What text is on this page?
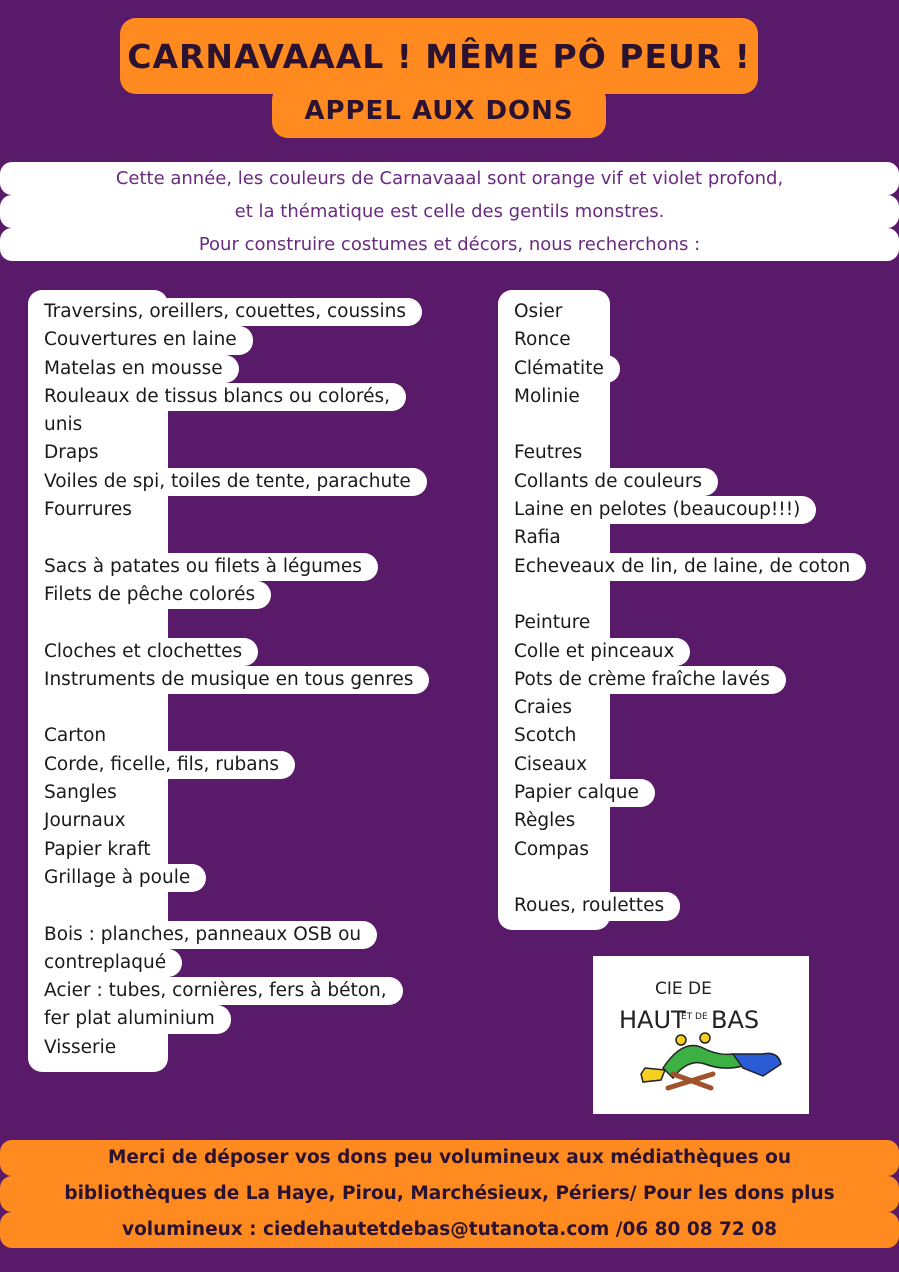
CARNAVAAAL ! MÊME PÔ PEUR !
APPEL AUX DONS
Cette année, les couleurs de Carnavaaal sont orange vif et violet profond,
et la thématique est celle des gentils monstres.
Pour construire costumes et décors, nous recherchons :
Traversins, oreillers, couettes, coussins
Couvertures en laine
Matelas en mousse
Rouleaux de tissus blancs ou colorés,
unis
Draps
Voiles de spi, toiles de tente, parachute
Fourrures
Sacs à patates ou filets à légumes
Filets de pêche colorés
Cloches et clochettes
Instruments de musique en tous genres
Carton
Corde, ficelle, fils, rubans
Sangles
Journaux
Papier kraft
Grillage à poule
Bois : planches, panneaux OSB ou
contreplaqué
Acier : tubes, cornières, fers à béton,
fer plat aluminium
Visserie
Osier
Ronce
Clématite
Molinie
Feutres
Collants de couleurs
Laine en pelotes (beaucoup!!!)
Rafia
Echeveaux de lin, de laine, de coton
Peinture
Colle et pinceaux
Pots de crème fraîche lavés
Craies
Scotch
Ciseaux
Papier calque
Règles
Compas
Roues, roulettes
CIE DE
HAUT
ET DE BAS
Merci de déposer vos dons peu volumineux aux médiathèques ou
bibliothèques de La Haye, Pirou, Marchésieux, Périers/ Pour les dons plus
volumineux : ciedehautetdebas@tutanota.com /06 80 08 72 08
